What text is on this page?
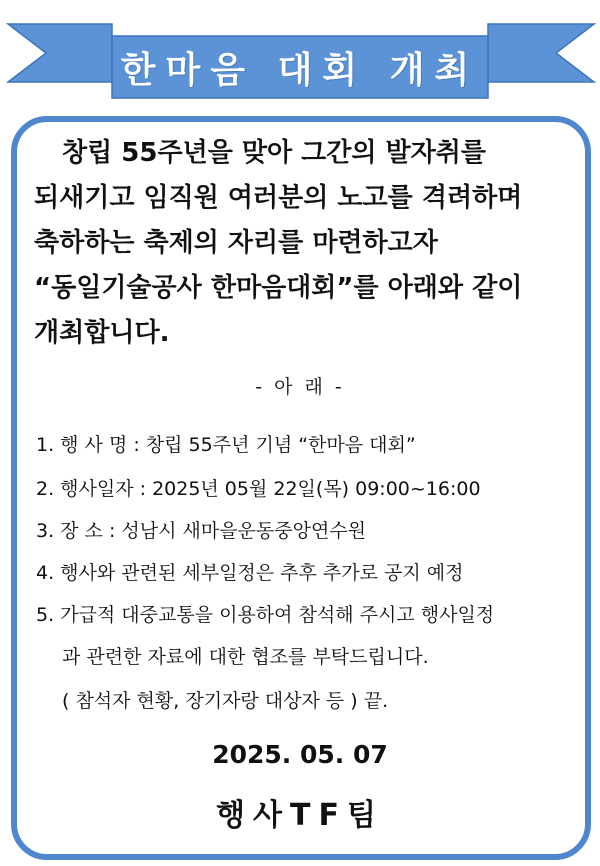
한마음 대회 개최
창립 55주년을 맞아 그간의 발자취를 되새기고 임직원 여러분의 노고를 격려하며 축하하는 축제의 자리를 마련하고자 “동일기술공사 한마음대회”를 아래와 같이 개최합니다.
- 아 래 -
1. 행 사 명 : 창립 55주년 기념 “한마음 대회”
2. 행사일자 : 2025년 05월 22일(목) 09:00~16:00
3. 장 소 : 성남시 새마을운동중앙연수원
4. 행사와 관련된 세부일정은 추후 추가로 공지 예정
5. 가급적 대중교통을 이용하여 참석해 주시고 행사일정
과 관련한 자료에 대한 협조를 부탁드립니다.
( 참석자 현황, 장기자랑 대상자 등 ) 끝.
2025. 05. 07
행사TF팀
